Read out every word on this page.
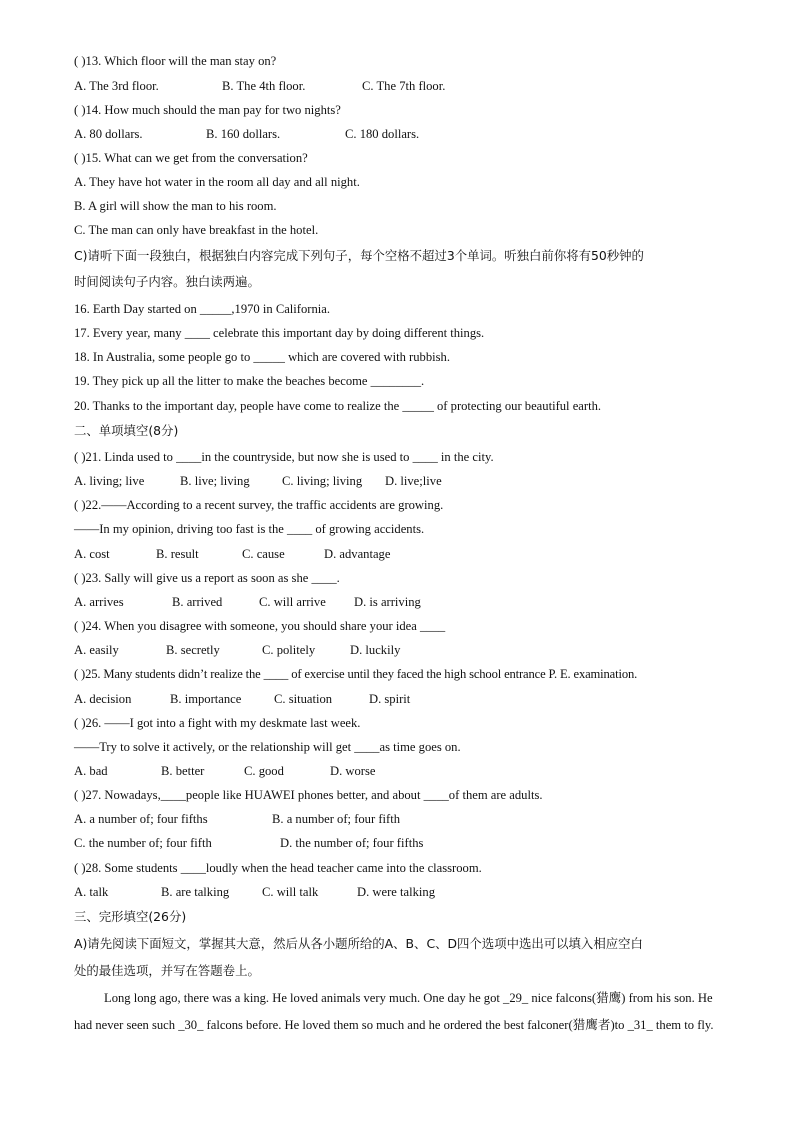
( )13. Which floor will the man stay on?
A. The 3rd floor.	B. The 4th floor.	C. The 7th floor.
( )14. How much should the man pay for two nights?
A. 80 dollars.	B. 160 dollars.	C. 180 dollars.
( )15. What can we get from the conversation?
A. They have hot water in the room all day and all night.
B. A girl will show the man to his room.
C. The man can only have breakfast in the hotel.
C)请听下面一段独白，根据独白内容完成下列句子，每个空格不超过3个单词。听独白前你将有50秒钟的
时间阅读句子内容。独白读两遍。
16. Earth Day started on _____,1970 in California.
17. Every year, many ____ celebrate this important day by doing different things.
18. In Australia, some people go to _____ which are covered with rubbish.
19. They pick up all the litter to make the beaches become ________.
20. Thanks to the important day, people have come to realize the _____ of protecting our beautiful earth.
二、单项填空(8分)
( )21. Linda used to ____in the countryside, but now she is used to ____ in the city.
A. living; live	B. live; living	C. living; living D. live;live
( )22.——According to a recent survey, the traffic accidents are growing.
——In my opinion, driving too fast is the ____ of growing accidents.
A. cost	B. result	C. cause	D. advantage
( )23. Sally will give us a report as soon as she ____.
A. arrives	B. arrived	C. will arrive D. is arriving
( )24. When you disagree with someone, you should share your idea ____
A. easily	B. secretly	C. politely	D. luckily
( )25. Many students didn’t realize the ____ of exercise until they faced the high school entrance P. E. examination.
A. decision	B. importance	C. situation	D. spirit
( )26. ——I got into a fight with my deskmate last week.
——Try to solve it actively, or the relationship will get ____as time goes on.
A. bad	B. better	C. good	D. worse
( )27. Nowadays,____people like HUAWEI phones better, and about ____of them are adults.
A. a number of; four fifths	B. a number of; four fifth
C. the number of; four fifth	D. the number of; four fifths
( )28. Some students ____loudly when the head teacher came into the classroom.
A. talk	B. are talking	C. will talk	D. were talking
三、完形填空(26分)
A)请先阅读下面短文，掌握其大意，然后从各小题所给的A、B、C、D四个选项中选出可以填入相应空白
处的最佳选项，并写在答题卷上。
Long long ago, there was a king. He loved animals very much. One day he got _29_ nice falcons(猎鹰) from his son. He had never seen such _30_ falcons before. He loved them so much and he ordered the best falconer(猎鹰者)to _31_ them to fly.
